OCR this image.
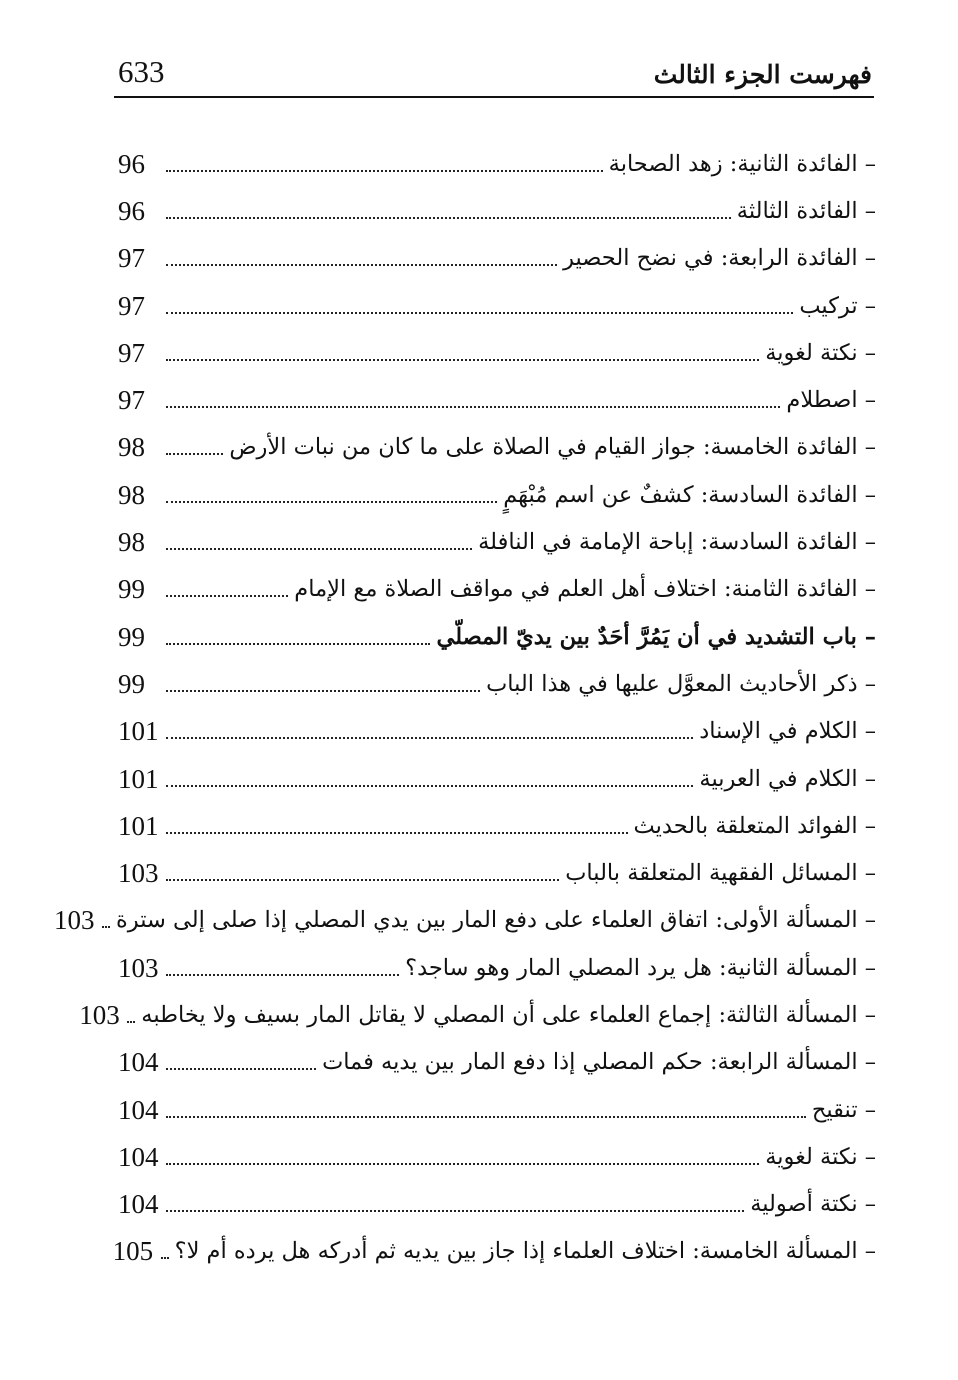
633	فهرست الجزء الثالث
– الفائدة الثانية: زهد الصحابة
96
– الفائدة الثالثة
96
– الفائدة الرابعة: في نضح الحصير
97
– تركيب
97
– نكتة لغوية
97
– اصطلام
97
– الفائدة الخامسة: جواز القيام في الصلاة على ما كان من نبات الأرض
98
– الفائدة السادسة: كشفٌ عن اسم مُبْهَمٍ
98
– الفائدة السادسة: إباحة الإمامة في النافلة
98
– الفائدة الثامنة: اختلاف أهل العلم في مواقف الصلاة مع الإمام
99
– باب التشديد في أن يَمُرَّ أحَدٌ بين يديّ المصلّي
99
– ذكر الأحاديث المعوَّل عليها في هذا الباب
99
– الكلام في الإسناد
101
– الكلام في العربية
101
– الفوائد المتعلقة بالحديث
101
– المسائل الفقهية المتعلقة بالباب
103
– المسألة الأولى: اتفاق العلماء على دفع المار بين يدي المصلي إذا صلى إلى سترة
103
– المسألة الثانية: هل يرد المصلي المار وهو ساجد؟
103
– المسألة الثالثة: إجماع العلماء على أن المصلي لا يقاتل المار بسيف ولا يخاطبه
103
– المسألة الرابعة: حكم المصلي إذا دفع المار بين يديه فمات
104
– تنقيح
104
– نكتة لغوية
104
– نكتة أصولية
104
– المسألة الخامسة: اختلاف العلماء إذا جاز بين يديه ثم أدركه هل يرده أم لا؟
105
